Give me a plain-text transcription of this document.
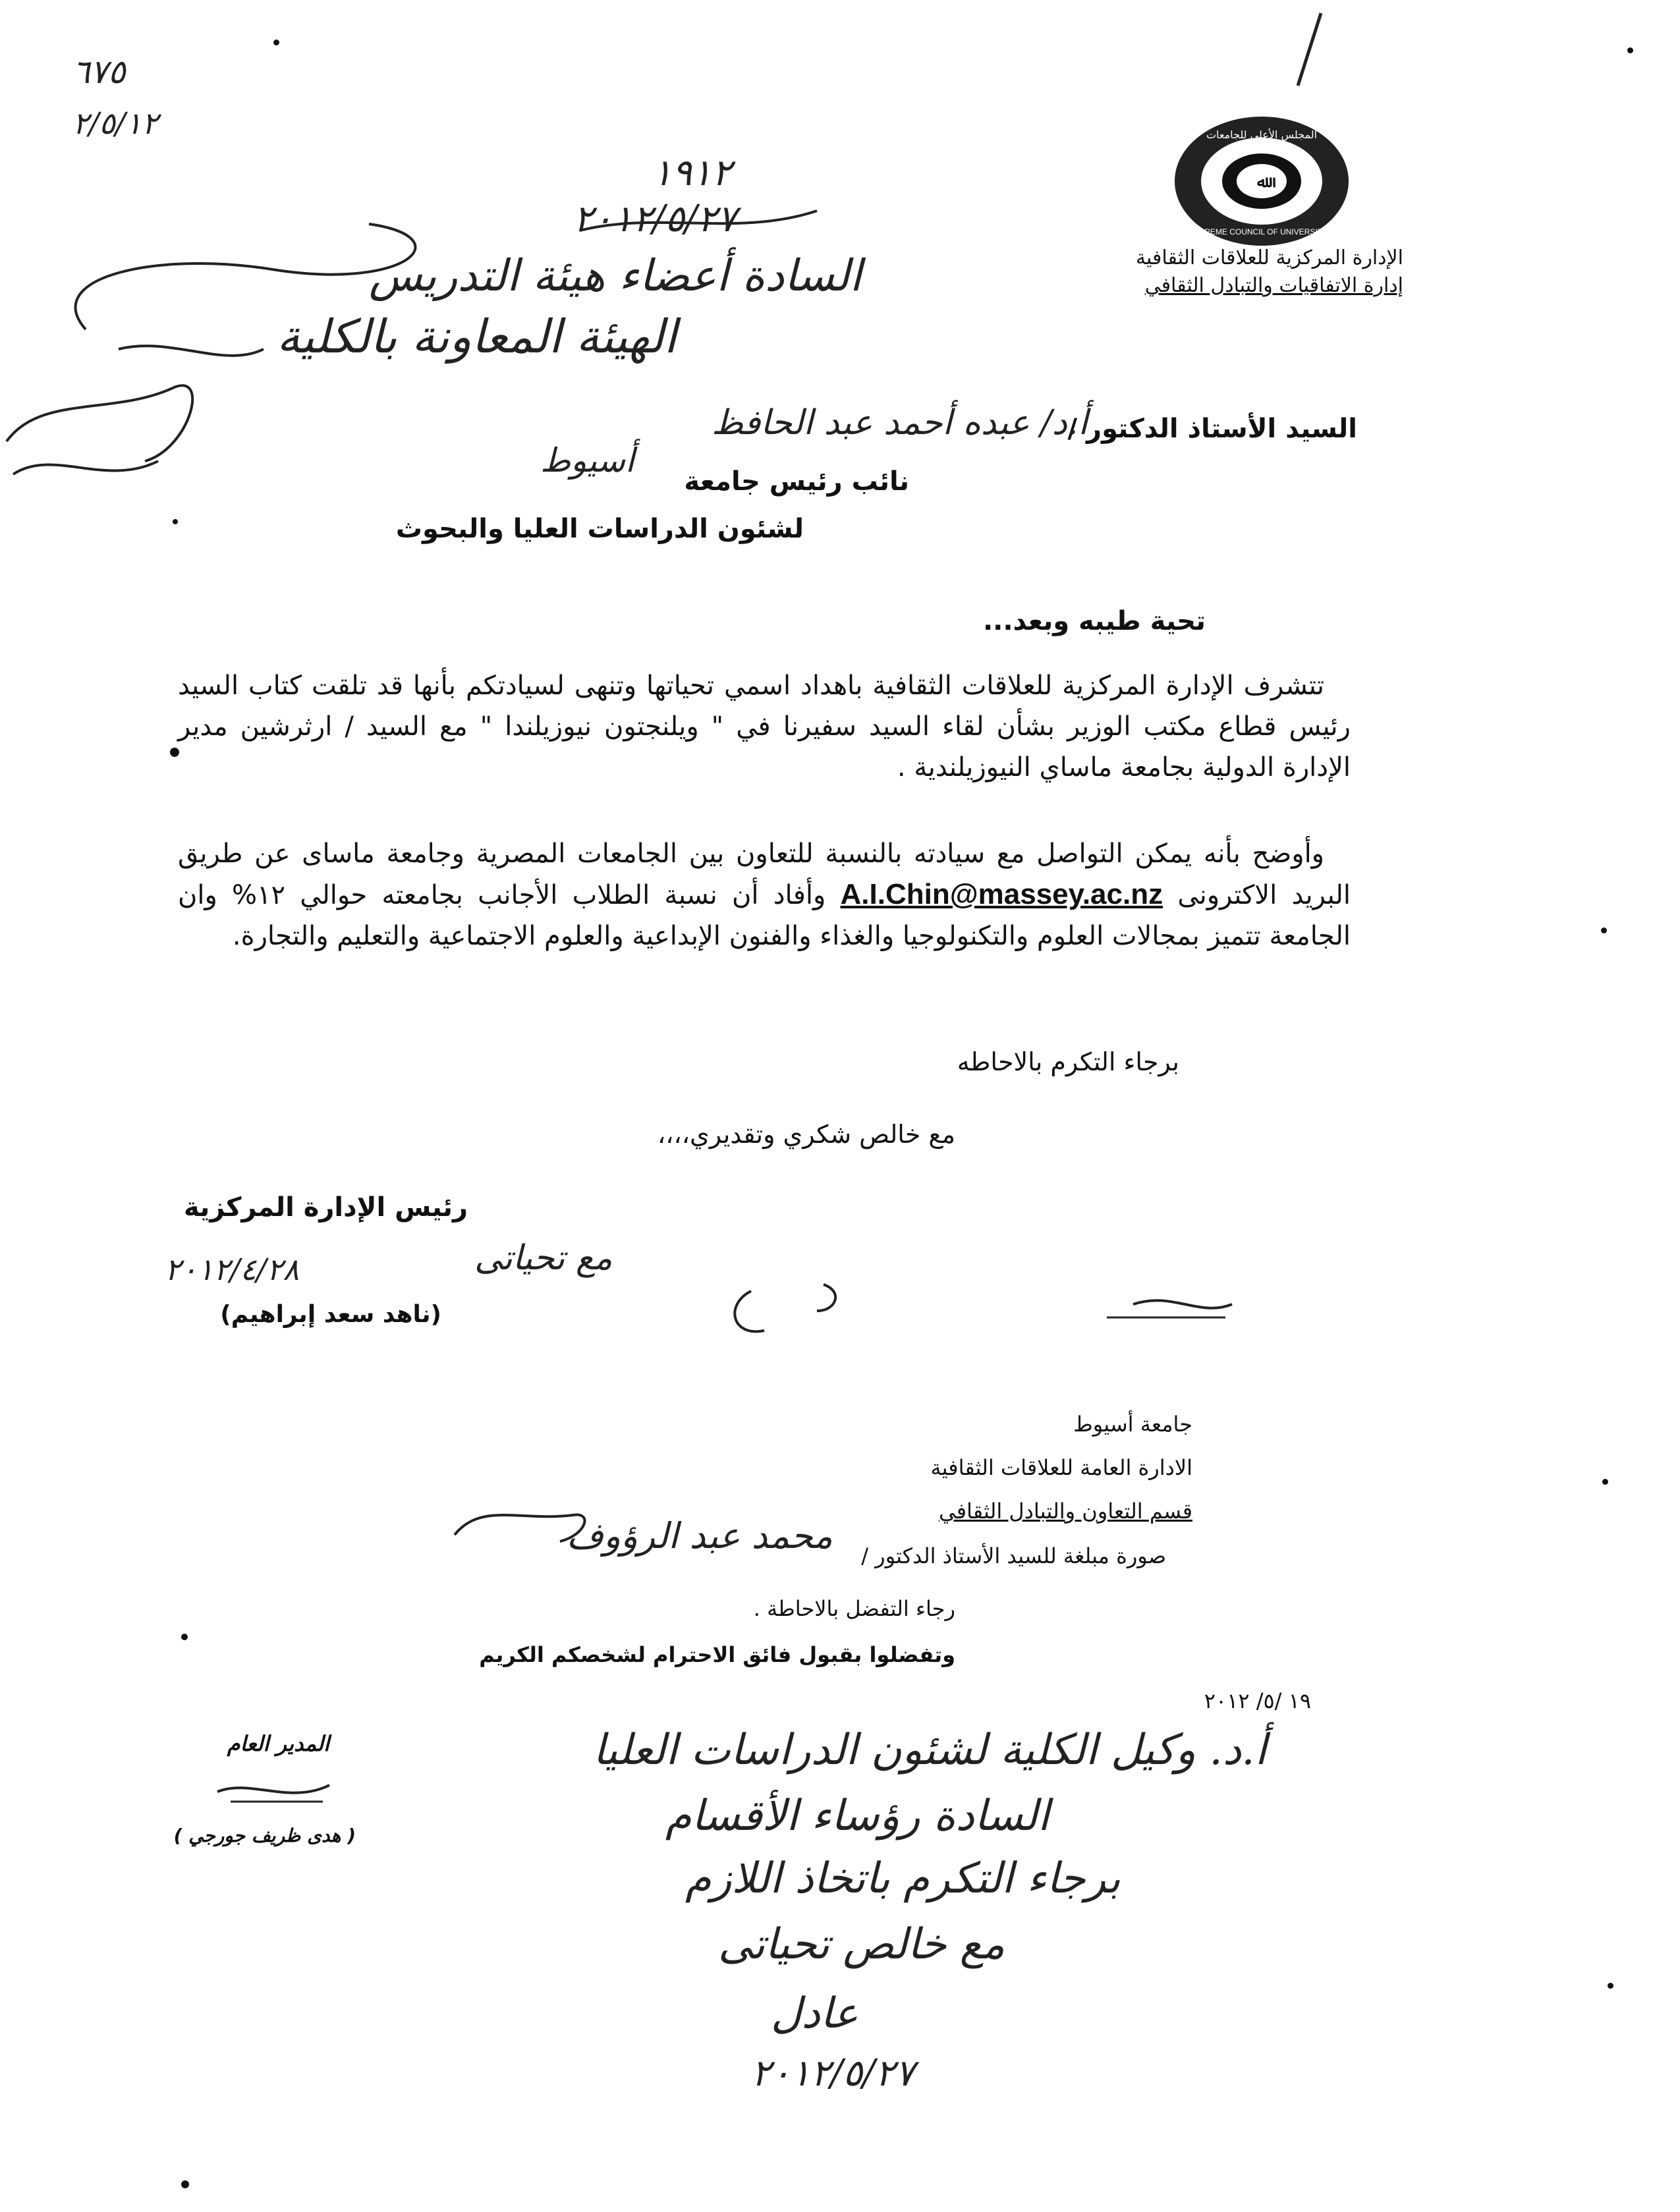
ﷲ
المجلس الأعلى للجامعات
SUPREME COUNCIL OF UNIVERSITIES
الإدارة المركزية للعلاقات الثقافية
إدارة الاتفاقيات والتبادل الثقافي
٦٧٥
٢/٥/١٢
١٩١٢
٢٠١٢/٥/٢٧
السادة أعضاء هيئة التدريس
الهيئة المعاونة بالكلية
السيد الأستاذ الدكتور /
أ.د/ عبده أحمد عبد الحافظ
أسيوط
نائب رئيس جامعة
لشئون الدراسات العليا والبحوث
تحية طيبه وبعد...
تتشرف الإدارة المركزية للعلاقات الثقافية باهداد اسمي تحياتها وتنهى لسيادتكم بأنها قد تلقت كتاب السيد رئيس قطاع مكتب الوزير بشأن لقاء السيد سفيرنا في " ويلنجتون نيوزيلندا " مع السيد / ارثرشين مدير الإدارة الدولية بجامعة ماساي النيوزيلندية .
وأوضح بأنه يمكن التواصل مع سيادته بالنسبة للتعاون بين الجامعات المصرية وجامعة ماساى عن طريق البريد الاكترونى A.I.Chin@massey.ac.nz وأفاد أن نسبة الطلاب الأجانب بجامعته حوالي ١٢% وان الجامعة تتميز بمجالات العلوم والتكنولوجيا والغذاء والفنون الإبداعية والعلوم الاجتماعية والتعليم والتجارة.
برجاء التكرم بالاحاطه
مع خالص شكري وتقديري،،،،
رئيس الإدارة المركزية
٢٠١٢/٤/٢٨	مع تحياتى
(ناهد سعد إبراهيم)
جامعة أسيوط
الادارة العامة للعلاقات الثقافية
قسم التعاون والتبادل الثقافي
صورة مبلغة للسيد الأستاذ الدكتور /
محمد عبد الرؤوف
رجاء التفضل بالاحاطة .
وتفضلوا بقبول فائق الاحترام لشخصكم الكريم
١٩ /٥/ ٢٠١٢
المدير العام
( هدى ظريف جورجي )
أ.د. وكيل الكلية لشئون الدراسات العليا
السادة رؤساء الأقسام
برجاء التكرم باتخاذ اللازم
مع خالص تحياتى
عادل
٢٠١٢/٥/٢٧
